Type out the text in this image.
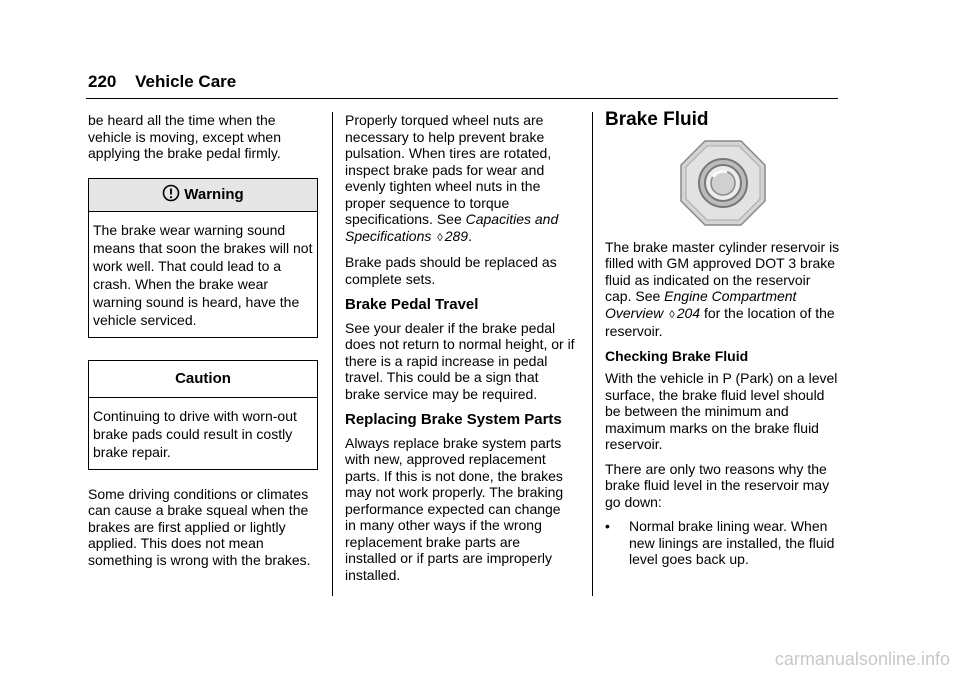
220 Vehicle Care

be heard all the time when the vehicle is moving, except when applying the brake pedal firmly.

Warning
The brake wear warning sound means that soon the brakes will not work well. That could lead to a crash. When the brake wear warning sound is heard, have the vehicle serviced.
Caution
Continuing to drive with worn-out brake pads could result in costly brake repair.

Some driving conditions or climates can cause a brake squeal when the brakes are first applied or lightly applied. This does not mean something is wrong with the brakes.

Properly torqued wheel nuts are necessary to help prevent brake pulsation. When tires are rotated, inspect brake pads for wear and evenly tighten wheel nuts in the proper sequence to torque specifications. See Capacities and Specifications ◊ 289.

Brake pads should be replaced as complete sets.

Brake Pedal Travel

See your dealer if the brake pedal does not return to normal height, or if there is a rapid increase in pedal travel. This could be a sign that brake service may be required.

Replacing Brake System Parts

Always replace brake system parts with new, approved replacement parts. If this is not done, the brakes may not work properly. The braking performance expected can change in many other ways if the wrong replacement brake parts are installed or if parts are improperly installed.

Brake Fluid

The brake master cylinder reservoir is filled with GM approved DOT 3 brake fluid as indicated on the reservoir cap. See Engine Compartment Overview ◊ 204 for the location of the reservoir.

Checking Brake Fluid

With the vehicle in P (Park) on a level surface, the brake fluid level should be between the minimum and maximum marks on the brake fluid reservoir.

There are only two reasons why the brake fluid level in the reservoir may go down:

•	Normal brake lining wear. When new linings are installed, the fluid level goes back up.
carmanualsonline.info
